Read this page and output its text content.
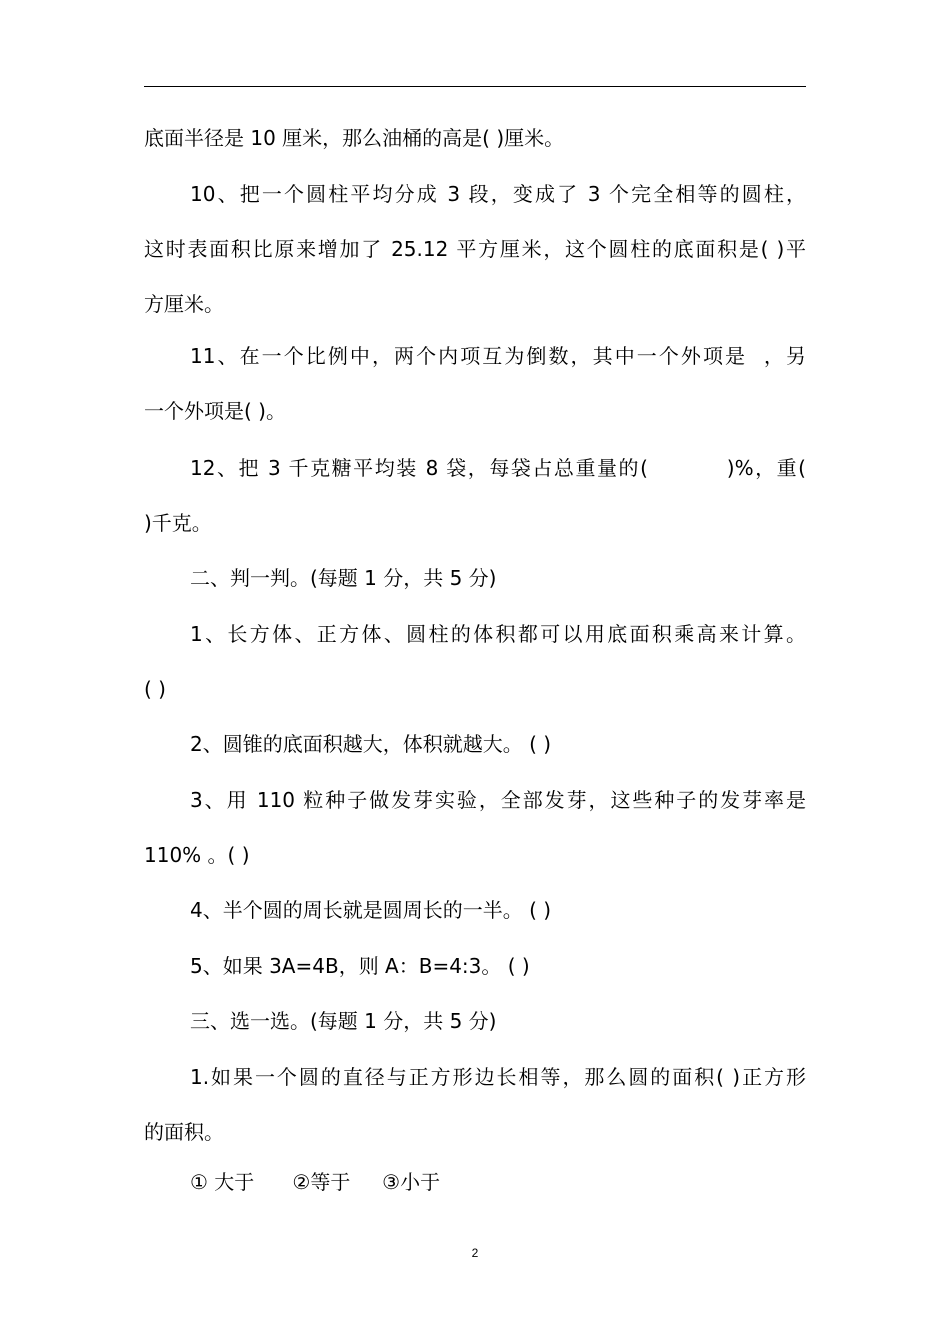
底面半径是 10 厘米，那么油桶的高是( )厘米。
10、把一个圆柱平均分成 3 段，变成了 3 个完全相等的圆柱，
这时表面积比原来增加了 25.12 平方厘米，这个圆柱的底面积是( )平
方厘米。
11、在一个比例中，两个内项互为倒数，其中一个外项是  ，另
一个外项是( )。
12、把 3 千克糖平均装 8 袋，每袋占总重量的(          )%，重(
)千克。
二、判一判。(每题 1 分，共 5 分)
1、长方体、正方体、圆柱的体积都可以用底面积乘高来计算。
( )
2、圆锥的底面积越大，体积就越大。 ( )
3、用 110 粒种子做发芽实验，全部发芽，这些种子的发芽率是
110% 。( )
4、半个圆的周长就是圆周长的一半。 ( )
5、如果 3A=4B，则 A：B=4:3。 ( )
三、选一选。(每题 1 分，共 5 分)
1.如果一个圆的直径与正方形边长相等，那么圆的面积( )正方形
的面积。
① 大于      ②等于     ③小于
2
